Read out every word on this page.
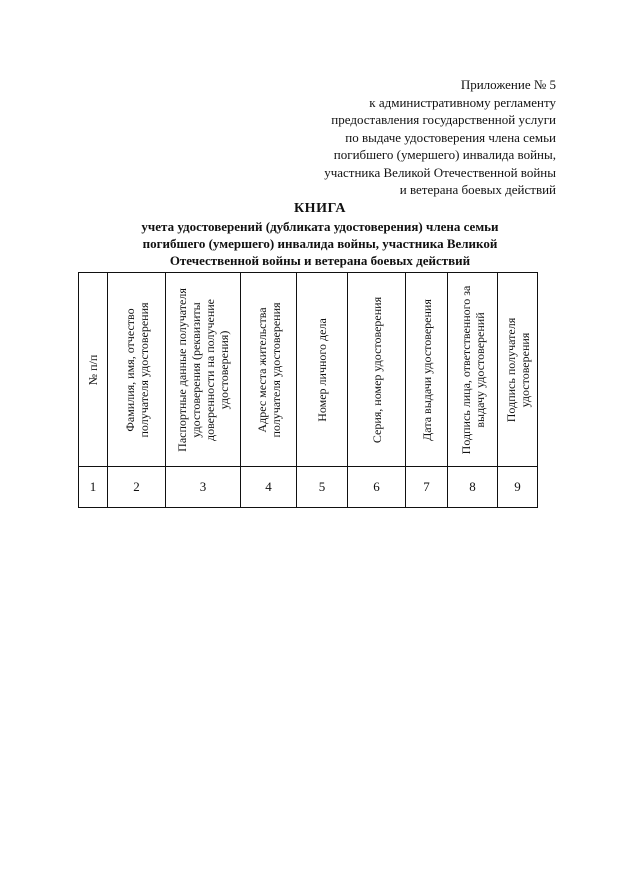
Приложение № 5
к административному регламенту
предоставления государственной услуги
по выдаче удостоверения члена семьи
погибшего (умершего) инвалида войны,
участника Великой Отечественной войны
и ветерана боевых действий
КНИГА
учета удостоверений (дубликата удостоверения) члена семьи
погибшего (умершего) инвалида войны, участника Великой
Отечественной войны и ветерана боевых действий
№ п/п	Фамилия, имя, отчество получателя удостоверения	Паспортные данные получателя удостоверения (реквизиты доверенности на получение удостоверения)	Адрес места жительства получателя удостоверения	Номер личного дела	Серия, номер удостоверения	Дата выдачи удостоверения	Подпись лица, ответственного за выдачу удостоверений	Подпись получателя удостоверения

1	2	3	4	5	6	7	8	9
